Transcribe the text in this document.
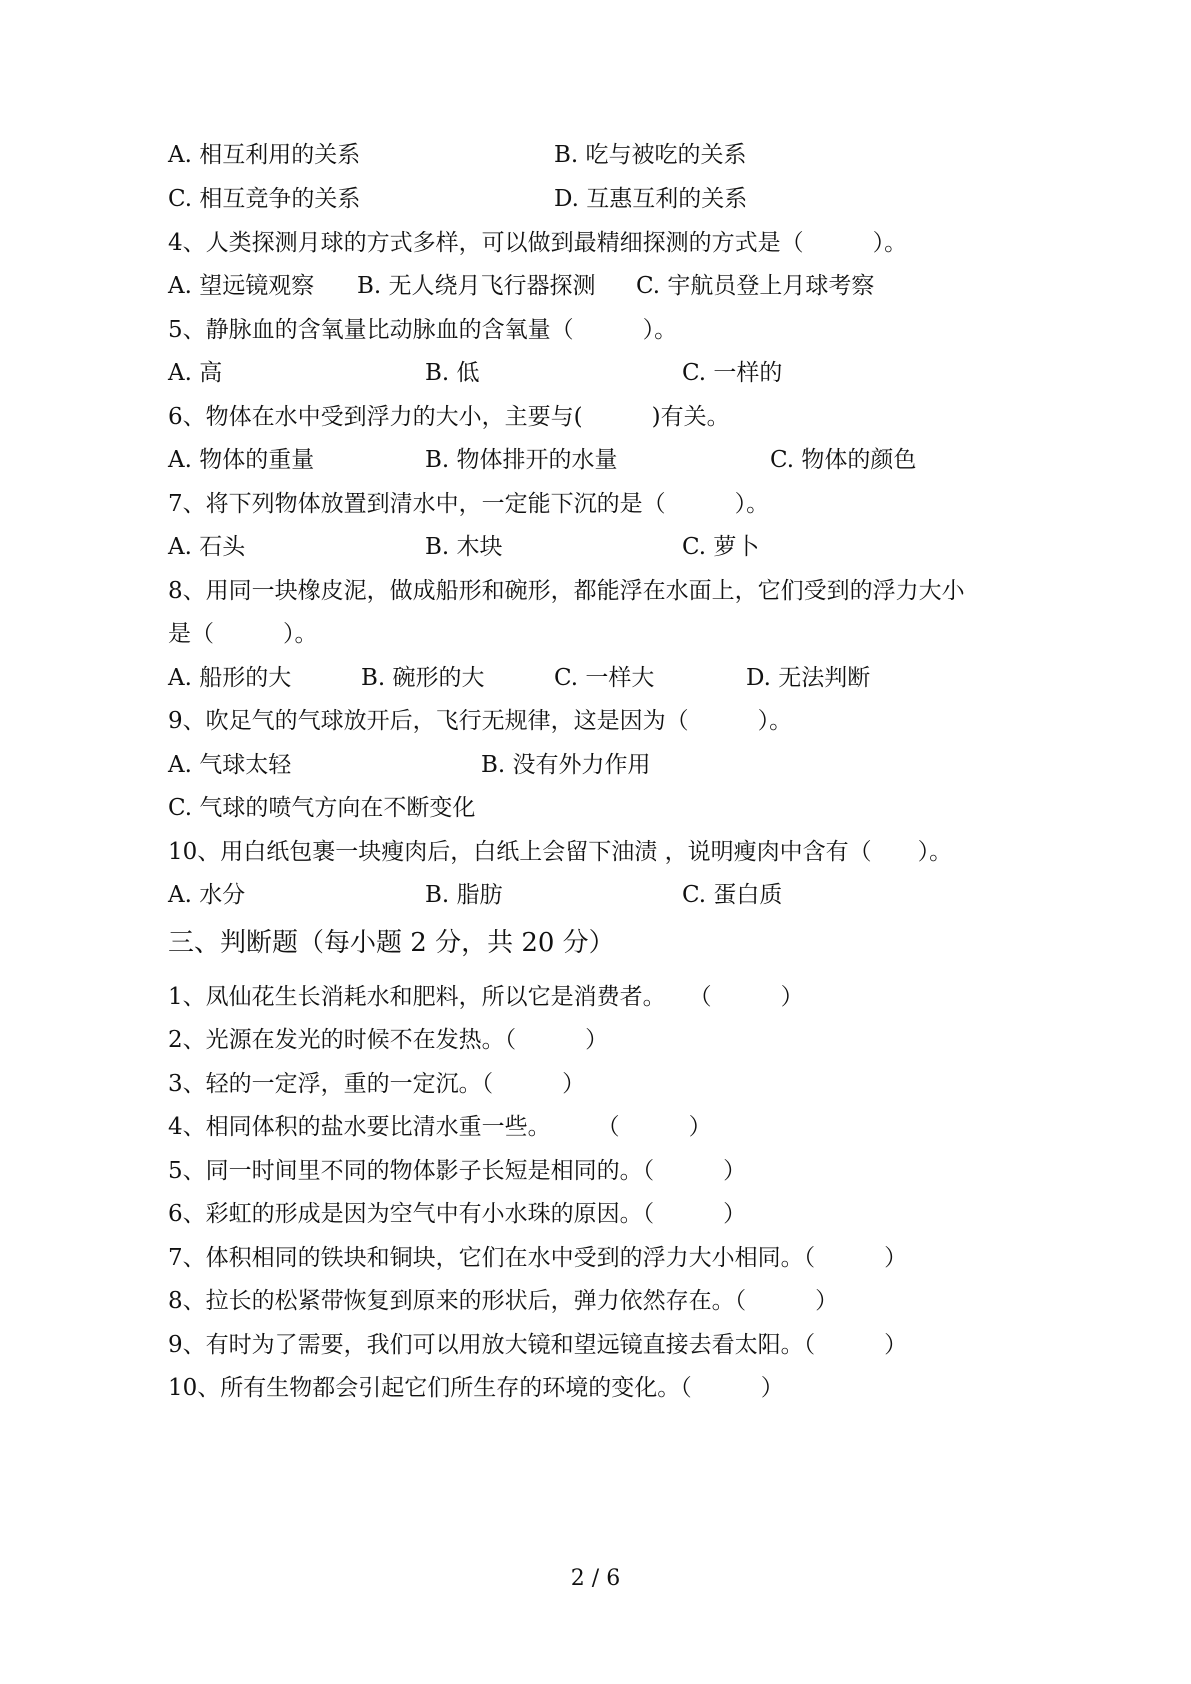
A. 相互利用的关系	B. 吃与被吃的关系
C. 相互竞争的关系	D. 互惠互利的关系
4、人类探测月球的方式多样，可以做到最精细探测的方式是（　　　）。
A. 望远镜观察 B. 无人绕月飞行器探测 C. 宇航员登上月球考察
5、静脉血的含氧量比动脉血的含氧量（　　　）。
A. 高	B. 低	C. 一样的
6、物体在水中受到浮力的大小，主要与(　　　)有关。
A. 物体的重量	B. 物体排开的水量	C. 物体的颜色
7、将下列物体放置到清水中，一定能下沉的是（　　　）。
A. 石头	B. 木块	C. 萝卜
8、用同一块橡皮泥，做成船形和碗形，都能浮在水面上，它们受到的浮力大小
是（　　　）。
A. 船形的大	B. 碗形的大	C. 一样大	D. 无法判断
9、吹足气的气球放开后，飞行无规律，这是因为（　　　）。
A. 气球太轻	B. 没有外力作用
C. 气球的喷气方向在不断变化
10、用白纸包裹一块瘦肉后，白纸上会留下油渍 ，说明瘦肉中含有（　　）。
A. 水分	B. 脂肪	C. 蛋白质
三、判断题（每小题 2 分，共 20 分）
1、凤仙花生长消耗水和肥料，所以它是消费者。　　（　　　）
2、光源在发光的时候不在发热。（　　　）
3、轻的一定浮，重的一定沉。（　　　）
4、相同体积的盐水要比清水重一些。　　　（　　　）
5、同一时间里不同的物体影子长短是相同的。（　　　）
6、彩虹的形成是因为空气中有小水珠的原因。（　　　）
7、体积相同的铁块和铜块，它们在水中受到的浮力大小相同。（　　　）
8、拉长的松紧带恢复到原来的形状后，弹力依然存在。（　　　）
9、有时为了需要，我们可以用放大镜和望远镜直接去看太阳。（　　　）
10、所有生物都会引起它们所生存的环境的变化。（　　　）
2 / 6
